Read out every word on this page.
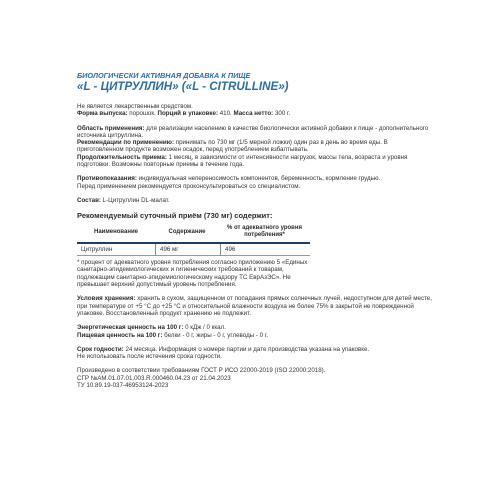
БИОЛОГИЧЕСКИ АКТИВНАЯ ДОБАВКА К ПИЩЕ
«L - ЦИТРУЛЛИН» («L - CITRULLINE»)

Не является лекарственным средством.

Форма выпуска: порошок. Порций в упаковке: 410. Масса нетто: 300 г.

Область применения: для реализации населению в качестве биологически активной добавки к пище - дополнительного источника цитруллина.

Рекомендации по применению: принимать по 730 мг (1/5 мерной ложки) один раз в день во время еды. В приготовленном продукте возможен осадок, перед употреблением взбалтывать.

Продолжительность приема: 1 месяц, в зависимости от интенсивности нагрузок, массы тела, возраста и уровня подготовки. Возможны повторные приемы в течение года.

Противопоказания: индивидуальная непереносимость компонентов, беременность, кормление грудью.

Перед применением рекомендуется проконсультироваться со специалистом.

Состав: L-Цитруллин DL-малат.

Рекомендуемый суточный приём (730 мг) содержит:
Наименование	Содержание	% от адекватного уровня потребления*
Цитруллин	496 мг	496

* процент от адекватного уровня потребления согласно приложению 5 «Единых санитарно-эпидемиологических и гигиенических требований к товарам, подлежащим санитарно-эпидемиологическому надзору ТС ЕврАзЭС». Не превышает верхний допустимый уровень потребления.

Условия хранения: хранить в сухом, защищенном от попадания прямых солнечных лучей, недоступном для детей месте, при температуре от +5 °С до +25 °С и относительной влажности воздуха не более 75% в закрытой не поврежденной упаковке. Восстановленный продукт хранению не подлежит.

Энергетическая ценность на 100 г: 0 кДж / 0 ккал.

Пищевая ценность на 100 г: белки - 0 г, жиры - 0 г, углеводы - 0 г.

Срок годности: 24 месяца. Информация о номере партии и дате производства указана на упаковке.

Не использовать после истечения срока годности.

Произведено в соответствии требованиям ГОСТ Р ИСО 22000-2019 (ISO 22000:2018).

СГР №AM.01.07.01.003.R.000460.04.23 от 21.04.2023

ТУ 10.89.19-037-46953124-2023
